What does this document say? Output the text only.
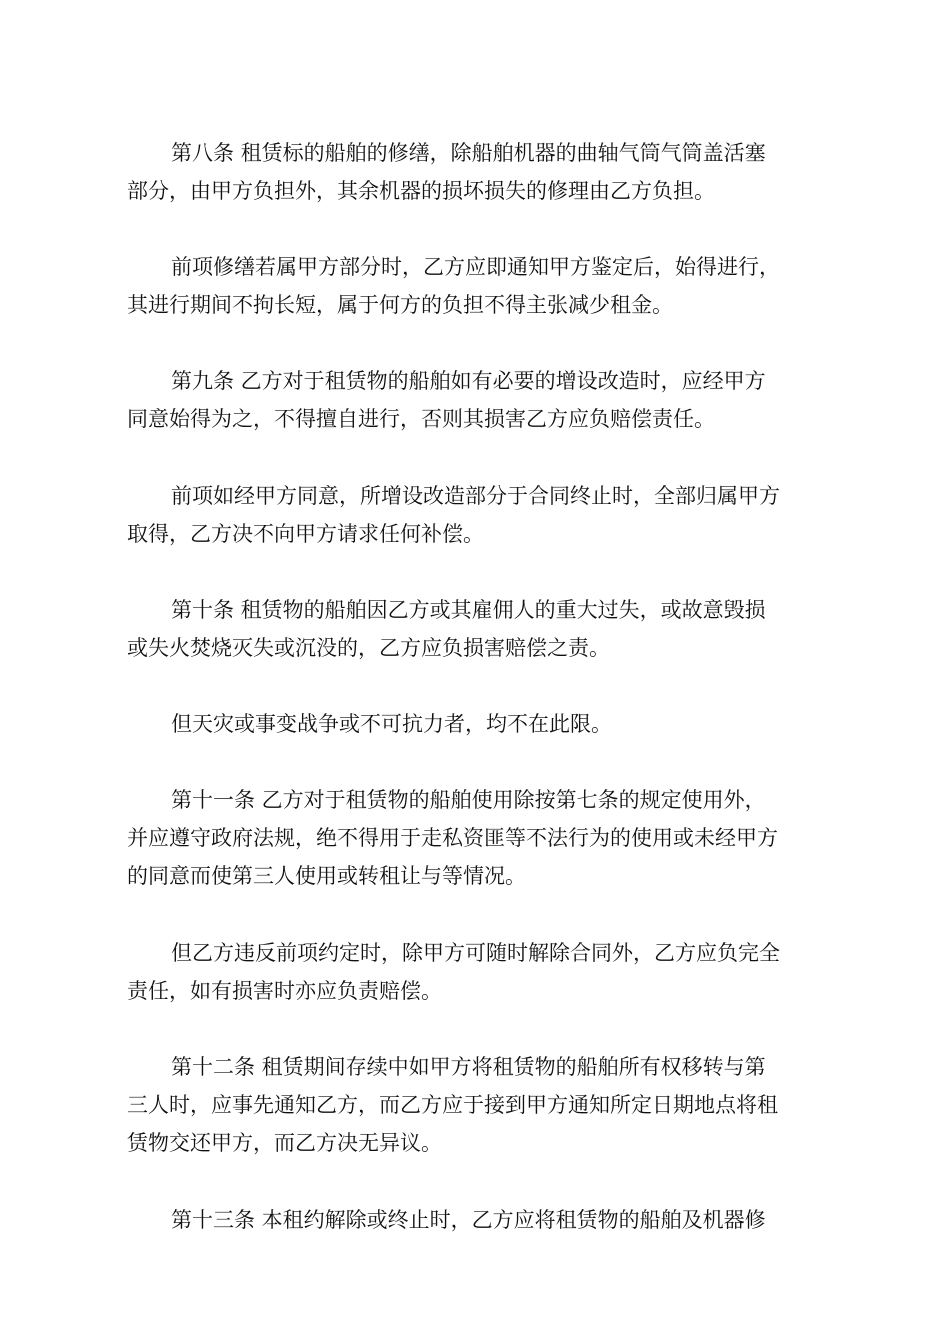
第八条 租赁标的船舶的修缮，除船舶机器的曲轴气筒气筒盖活塞
部分，由甲方负担外，其余机器的损坏损失的修理由乙方负担。

前项修缮若属甲方部分时，乙方应即通知甲方鉴定后，始得进行，
其进行期间不拘长短，属于何方的负担不得主张减少租金。

第九条 乙方对于租赁物的船舶如有必要的增设改造时，应经甲方
同意始得为之，不得擅自进行，否则其损害乙方应负赔偿责任。

前项如经甲方同意，所增设改造部分于合同终止时，全部归属甲方
取得，乙方决不向甲方请求任何补偿。

第十条 租赁物的船舶因乙方或其雇佣人的重大过失，或故意毁损
或失火焚烧灭失或沉没的，乙方应负损害赔偿之责。

但天灾或事变战争或不可抗力者，均不在此限。

第十一条 乙方对于租赁物的船舶使用除按第七条的规定使用外，
并应遵守政府法规，绝不得用于走私资匪等不法行为的使用或未经甲方
的同意而使第三人使用或转租让与等情况。

但乙方违反前项约定时，除甲方可随时解除合同外，乙方应负完全
责任，如有损害时亦应负责赔偿。

第十二条 租赁期间存续中如甲方将租赁物的船舶所有权移转与第
三人时，应事先通知乙方，而乙方应于接到甲方通知所定日期地点将租
赁物交还甲方，而乙方决无异议。

第十三条 本租约解除或终止时，乙方应将租赁物的船舶及机器修
